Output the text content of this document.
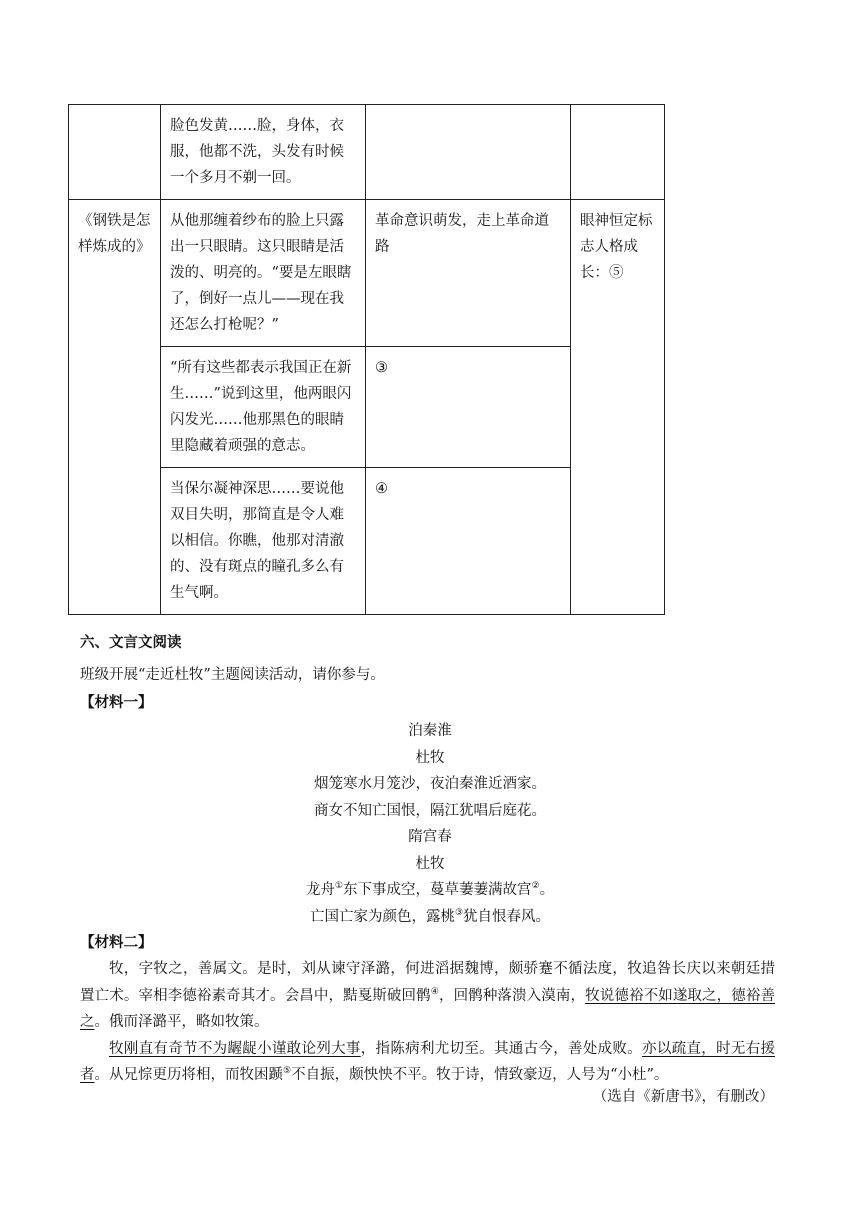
	脸色发黄……脸，身体，衣服，他都不洗，头发有时候一个多月不剃一回。		
《钢铁是怎样炼成的》	从他那缠着纱布的脸上只露出一只眼睛。这只眼睛是活泼的、明亮的。“要是左眼瞎了，倒好一点儿——现在我还怎么打枪呢？”	革命意识萌发，走上革命道路	眼神恒定标志人格成长：⑤
	“所有这些都表示我国正在新生……”说到这里，他两眼闪闪发光……他那黑色的眼睛里隐藏着顽强的意志。	③	
	当保尔凝神深思……要说他双目失明，那简直是令人难以相信。你瞧，他那对清澈的、没有斑点的瞳孔多么有生气啊。	④	
六、文言文阅读
班级开展“走近杜牧”主题阅读活动，请你参与。
【材料一】
泊秦淮
杜牧
烟笼寒水月笼沙，夜泊秦淮近酒家。
商女不知亡国恨，隔江犹唱后庭花。
隋宫春
杜牧
龙舟①东下事成空，蔓草萋萋满故宫②。
亡国亡家为颜色，露桃③犹自恨春风。
【材料二】

牧，字牧之，善属文。是时，刘从谏守泽潞，何进滔据魏博，颇骄蹇不循法度，牧追咎长庆以来朝廷措置亡术。宰相李德裕素奇其才。会昌中，黠戛斯破回鹘④，回鹘种落溃入漠南，牧说德裕不如遂取之，德裕善之。俄而泽潞平，略如牧策。

牧刚直有奇节不为龌龊小谨敢论列大事，指陈病利尤切至。其通古今，善处成败。亦以疏直，时无右援者。从兄悰更历将相，而牧困踬⑤不自振，颇怏怏不平。牧于诗，情致豪迈，人号为“小杜”。

（选自《新唐书》，有删改）
